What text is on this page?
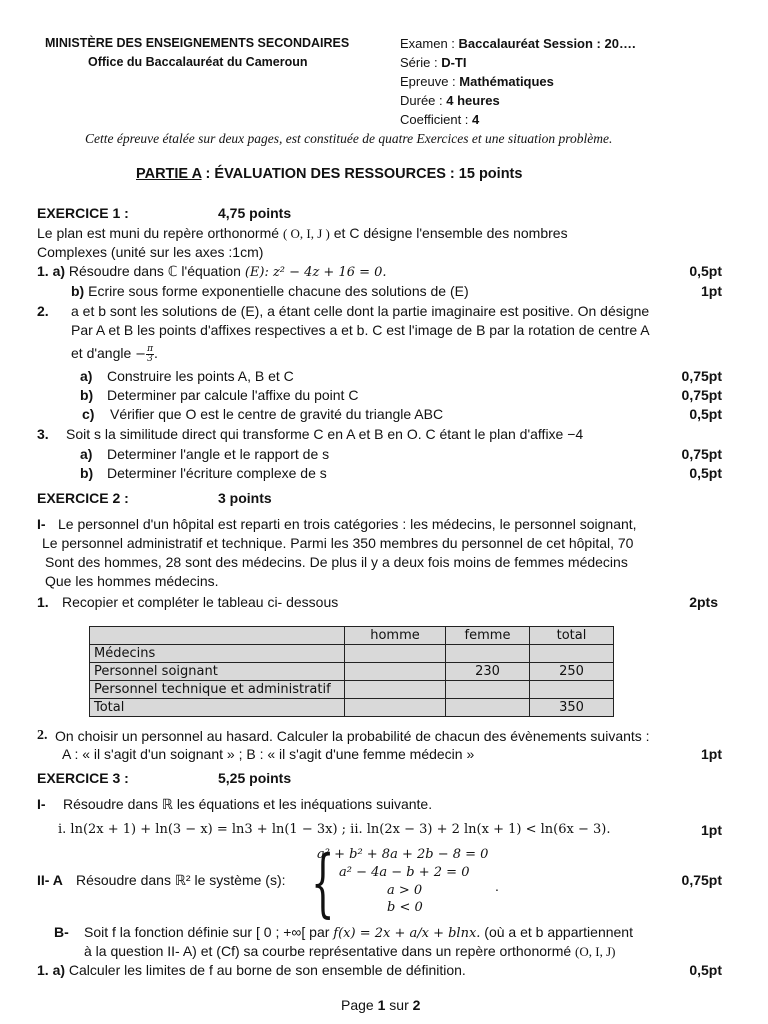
MINISTÈRE DES ENSEIGNEMENTS SECONDAIRES
Office du Baccalauréat du Cameroun
Examen : Baccalauréat Session : 20….
Série : D-TI
Epreuve : Mathématiques
Durée : 4 heures
Coefficient : 4
Cette épreuve étalée sur deux pages, est constituée de quatre Exercices et une situation problème.
PARTIE A : ÉVALUATION DES RESSOURCES : 15 points
EXERCICE 1 :	4,75 points
Le plan est muni du repère orthonormé ( O, I, J ) et C désigne l'ensemble des nombres
Complexes (unité sur les axes :1cm)
1. a) Résoudre dans ℂ l'équation (E): z² − 4z + 16 = 0.	0,5pt
b) Ecrire sous forme exponentielle chacune des solutions de (E)	1pt
2. a et b sont les solutions de (E), a étant celle dont la partie imaginaire est positive. On désigne
Par A et B les points d'affixes respectives a et b. C est l'image de B par la rotation de centre A
et d'angle − $\frac{\pi}{3}$ .
a) Construire les points A, B et C	0,75pt
b) Determiner par calcule l'affixe du point C	0,75pt
c) Vérifier que O est le centre de gravité du triangle ABC	0,5pt
3. Soit s la similitude direct qui transforme C en A et B en O. C étant le plan d'affixe −4
a) Determiner l'angle et le rapport de s	0,75pt
b) Determiner l'écriture complexe de s	0,5pt
EXERCICE 2 :	3 points
I- Le personnel d'un hôpital est reparti en trois catégories : les médecins, le personnel soignant,
Le personnel administratif et technique. Parmi les 350 membres du personnel de cet hôpital, 70
Sont des hommes, 28 sont des médecins. De plus il y a deux fois moins de femmes médecins
Que les hommes médecins.
1. Recopier et compléter le tableau ci- dessous	2pts
	homme	femme	total
Médecins			
Personnel soignant		230	250
Personnel technique et administratif			
Total			350
2. On choisir un personnel au hasard. Calculer la probabilité de chacun des évènements suivants :
A : « il s'agit d'un soignant » ; B : « il s'agit d'une femme médecin »	1pt
EXERCICE 3 :	5,25 points
I- Résoudre dans ℝ les équations et les inéquations suivante.
i. ln(2x + 1) + ln(3 − x) = ln3 + ln(1 − 3x) ; ii. ln(2x − 3) + 2 ln(x + 1) < ln(6x − 3).	1pt
II- A Résoudre dans ℝ² le système (s): {
a² + b² + 8a + 2b − 8 = 0
a² − 4a − b + 2 = 0
a > 0
b < 0
.	0,75pt
B- Soit f la fonction définie sur [ 0 ; +∞[ par f(x) = 2x + a/x + blnx. (où a et b appartiennent
à la question II- A) et (Cf) sa courbe représentative dans un repère orthonormé (O, I, J)
1. a) Calculer les limites de f au borne de son ensemble de définition.	0,5pt
Page 1 sur 2
